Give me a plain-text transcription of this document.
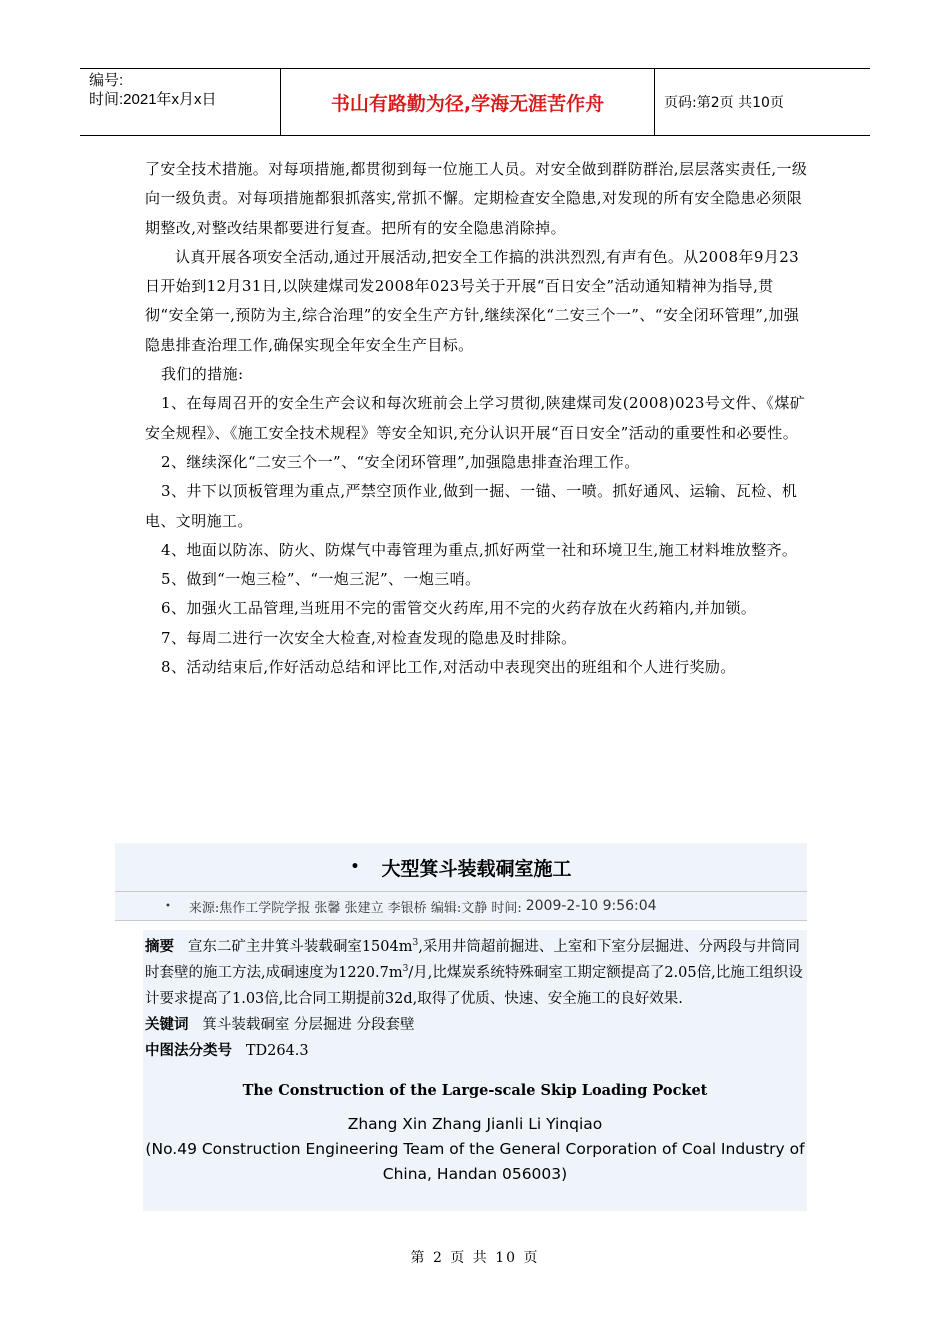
编号:
时间:2021年x月x日	书山有路勤为径,学海无涯苦作舟	页码:第2页 共10页

了安全技术措施。对每项措施,都贯彻到每一位施工人员。对安全做到群防群治,层层落实责任,一级向一级负责。对每项措施都狠抓落实,常抓不懈。定期检查安全隐患,对发现的所有安全隐患必须限期整改,对整改结果都要进行复查。把所有的安全隐患消除掉。

认真开展各项安全活动,通过开展活动,把安全工作搞的洪洪烈烈,有声有色。从2008年9月23日开始到12月31日,以陕建煤司发2008年023号关于开展“百日安全”活动通知精神为指导,贯彻“安全第一,预防为主,综合治理”的安全生产方针,继续深化“二安三个一”、“安全闭环管理”,加强隐患排查治理工作,确保实现全年安全生产目标。

我们的措施:

1、在每周召开的安全生产会议和每次班前会上学习贯彻,陕建煤司发(2008)023号文件、《煤矿安全规程》、《施工安全技术规程》等安全知识,充分认识开展“百日安全”活动的重要性和必要性。

2、继续深化“二安三个一”、“安全闭环管理”,加强隐患排查治理工作。

3、井下以顶板管理为重点,严禁空顶作业,做到一掘、一锚、一喷。抓好通风、运输、瓦检、机电、文明施工。

4、地面以防冻、防火、防煤气中毒管理为重点,抓好两堂一社和环境卫生,施工材料堆放整齐。

5、做到“一炮三检”、“一炮三泥”、一炮三哨。

6、加强火工品管理,当班用不完的雷管交火药库,用不完的火药存放在火药箱内,并加锁。

7、每周二进行一次安全大检查,对检查发现的隐患及时排除。

8、活动结束后,作好活动总结和评比工作,对活动中表现突出的班组和个人进行奖励。

• 大型箕斗装载硐室施工
• 来源:焦作工学院学报 张馨 张建立 李银桥 编辑:文静 时间: 2009-2-10 9:56:04

摘要 宣东二矿主井箕斗装载硐室$1504m^3$,采用井筒超前掘进、上室和下室分层掘进、分两段与井筒同时套壁的施工方法,成硐速度为$1220.7m^3/$月,比煤炭系统特殊硐室工期定额提高了2.05倍,比施工组织设计要求提高了1.03倍,比合同工期提前32d,取得了优质、快速、安全施工的良好效果.

关键词 箕斗装载硐室 分层掘进 分段套壁

中图法分类号 TD264.3

The Construction of the Large-scale Skip Loading Pocket

Zhang Xin Zhang Jianli Li Yinqiao

(No.49 Construction Engineering Team of the General Corporation of Coal Industry of China, Handan 056003)

第 2 页 共 10 页
